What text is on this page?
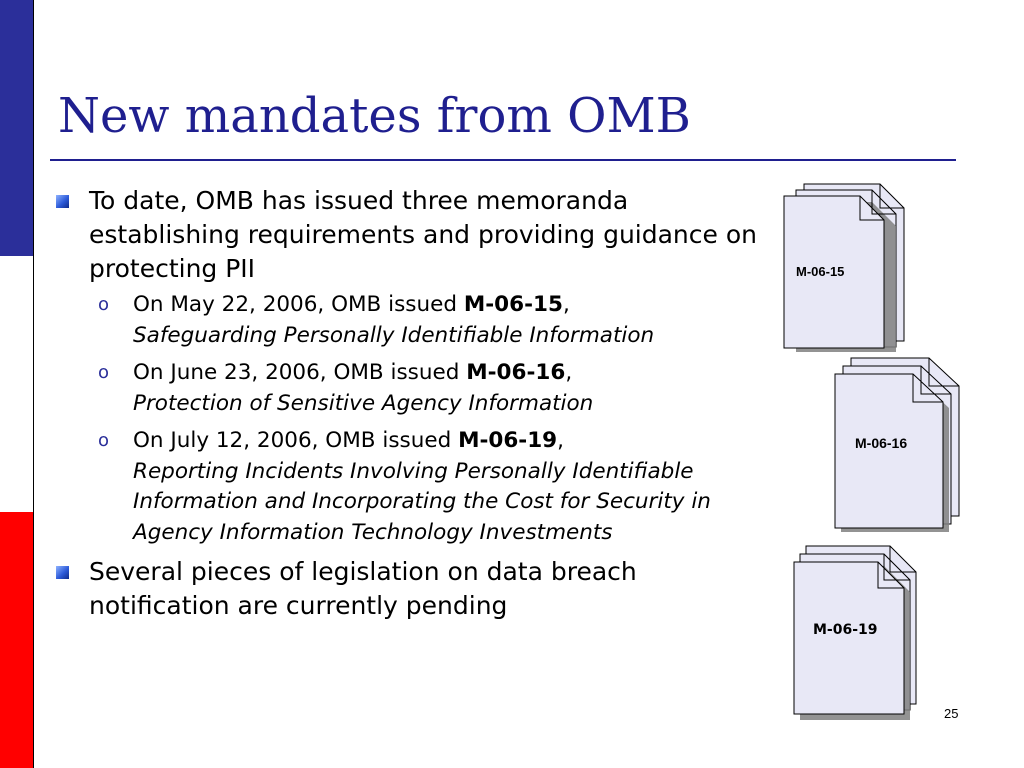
New mandates from OMB
To date, OMB has issued three memoranda establishing requirements and providing guidance on protecting PII
o On May 22, 2006, OMB issued M-06-15,
Safeguarding Personally Identifiable Information
o On June 23, 2006, OMB issued M-06-16,
Protection of Sensitive Agency Information
o On July 12, 2006, OMB issued M-06-19,
Reporting Incidents Involving Personally Identifiable Information and Incorporating the Cost for Security in Agency Information Technology Investments
Several pieces of legislation on data breach notification are currently pending
M-06-15
M-06-16
M-06-19
25
